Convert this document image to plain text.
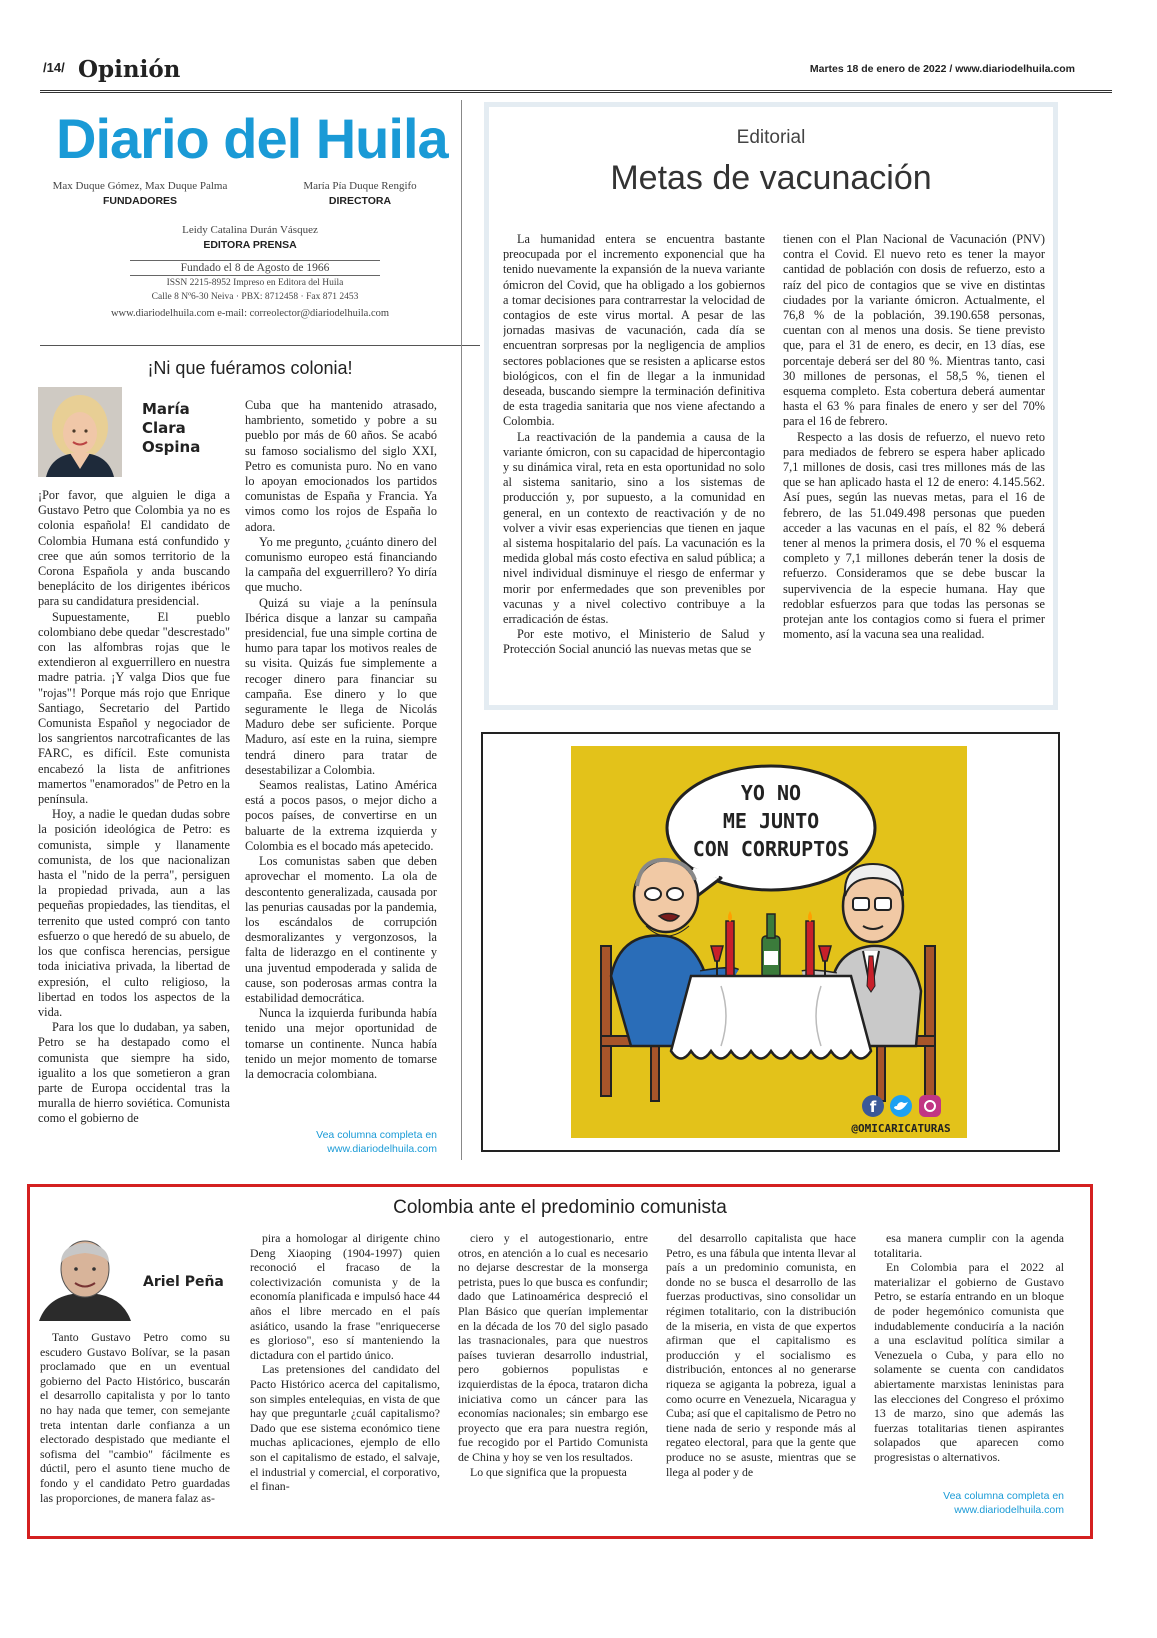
/14/ Opinión	Martes 18 de enero de 2022 / www.diariodelhuila.com
Diario del Huila
Max Duque Gómez, Max Duque Palma
FUNDADORES
María Pía Duque Rengifo
DIRECTORA
Leidy Catalina Durán Vásquez
EDITORA PRENSA
Fundado el 8 de Agosto de 1966
ISSN 2215-8952 Impreso en Editora del Huila
Calle 8 Nº6-30 Neiva · PBX: 8712458 · Fax 871 2453
www.diariodelhuila.com e-mail: correolector@diariodelhuila.com
¡Ni que fuéramos colonia!
María
Clara
Ospina

¡Por favor, que alguien le diga a Gustavo Petro que Colombia ya no es colonia española! El candidato de Colombia Humana está confundido y cree que aún somos territorio de la Corona Española y anda buscando beneplácito de los dirigentes ibéricos para su candidatura presidencial.

Supuestamente, El pueblo colombiano debe quedar "descrestado" con las alfombras rojas que le extendieron al exguerrillero en nuestra madre patria. ¡Y valga Dios que fue "rojas"! Porque más rojo que Enrique Santiago, Secretario del Partido Comunista Español y negociador de los sangrientos narcotraficantes de las FARC, es difícil. Este comunista encabezó la lista de anfitriones mamertos "enamorados" de Petro en la península.

Hoy, a nadie le quedan dudas sobre la posición ideológica de Petro: es comunista, simple y llanamente comunista, de los que nacionalizan hasta el "nido de la perra", persiguen la propiedad privada, aun a las pequeñas propiedades, las tienditas, el terrenito que usted compró con tanto esfuerzo o que heredó de su abuelo, de los que confisca herencias, persigue toda iniciativa privada, la libertad de expresión, el culto religioso, la libertad en todos los aspectos de la vida.

Para los que lo dudaban, ya saben, Petro se ha destapado como el comunista que siempre ha sido, igualito a los que sometieron a gran parte de Europa occidental tras la muralla de hierro soviética. Comunista como el gobierno de

Cuba que ha mantenido atrasado, hambriento, sometido y pobre a su pueblo por más de 60 años. Se acabó su famoso socialismo del siglo XXI, Petro es comunista puro. No en vano lo apoyan emocionados los partidos comunistas de España y Francia. Ya vimos como los rojos de España lo adora.

Yo me pregunto, ¿cuánto dinero del comunismo europeo está financiando la campaña del exguerrillero? Yo diría que mucho.

Quizá su viaje a la península Ibérica disque a lanzar su campaña presidencial, fue una simple cortina de humo para tapar los motivos reales de su visita. Quizás fue simplemente a recoger dinero para financiar su campaña. Ese dinero y lo que seguramente le llega de Nicolás Maduro debe ser suficiente. Porque Maduro, así este en la ruina, siempre tendrá dinero para tratar de desestabilizar a Colombia.

Seamos realistas, Latino América está a pocos pasos, o mejor dicho a pocos países, de convertirse en un baluarte de la extrema izquierda y Colombia es el bocado más apetecido.

Los comunistas saben que deben aprovechar el momento. La ola de descontento generalizada, causada por las penurias causadas por la pandemia, los escándalos de corrupción desmoralizantes y vergonzosos, la falta de liderazgo en el continente y una juventud empoderada y salida de cause, son poderosas armas contra la estabilidad democrática.

Nunca la izquierda furibunda había tenido una mejor oportunidad de tomarse un continente. Nunca había tenido un mejor momento de tomarse la democracia colombiana.

Vea columna completa en
www.diariodelhuila.com
Editorial
Metas de vacunación

La humanidad entera se encuentra bastante preocupada por el incremento exponencial que ha tenido nuevamente la expansión de la nueva variante ómicron del Covid, que ha obligado a los gobiernos a tomar decisiones para contrarrestar la velocidad de contagios de este virus mortal. A pesar de las jornadas masivas de vacunación, cada día se encuentran sorpresas por la negligencia de amplios sectores poblaciones que se resisten a aplicarse estos biológicos, con el fin de llegar a la inmunidad deseada, buscando siempre la terminación definitiva de esta tragedia sanitaria que nos viene afectando a Colombia.

La reactivación de la pandemia a causa de la variante ómicron, con su capacidad de hipercontagio y su dinámica viral, reta en esta oportunidad no solo al sistema sanitario, sino a los sistemas de producción y, por supuesto, a la comunidad en general, en un contexto de reactivación y de no volver a vivir esas experiencias que tienen en jaque al sistema hospitalario del país. La vacunación es la medida global más costo efectiva en salud pública; a nivel individual disminuye el riesgo de enfermar y morir por enfermedades que son prevenibles por vacunas y a nivel colectivo contribuye a la erradicación de éstas.

Por este motivo, el Ministerio de Salud y Protección Social anunció las nuevas metas que se

tienen con el Plan Nacional de Vacunación (PNV) contra el Covid. El nuevo reto es tener la mayor cantidad de población con dosis de refuerzo, esto a raíz del pico de contagios que se vive en distintas ciudades por la variante ómicron. Actualmente, el 76,8 % de la población, 39.190.658 personas, cuentan con al menos una dosis. Se tiene previsto que, para el 31 de enero, es decir, en 13 días, ese porcentaje deberá ser del 80 %. Mientras tanto, casi 30 millones de personas, el 58,5 %, tienen el esquema completo. Esta cobertura deberá aumentar hasta el 63 % para finales de enero y ser del 70% para el 16 de febrero.

Respecto a las dosis de refuerzo, el nuevo reto para mediados de febrero se espera haber aplicado 7,1 millones de dosis, casi tres millones más de las que se han aplicado hasta el 12 de enero: 4.145.562. Así pues, según las nuevas metas, para el 16 de febrero, de las 51.049.498 personas que pueden acceder a las vacunas en el país, el 82 % deberá tener al menos la primera dosis, el 70 % el esquema completo y 7,1 millones deberán tener la dosis de refuerzo. Consideramos que se debe buscar la supervivencia de la especie humana. Hay que redoblar esfuerzos para que todas las personas se protejan ante los contagios como si fuera el primer momento, así la vacuna sea una realidad.

YO NO
ME JUNTO
CON CORRUPTOS
f
@OMICARICATURAS
Colombia ante el predominio comunista
Ariel Peña

Tanto Gustavo Petro como su escudero Gustavo Bolívar, se la pasan proclamado que en un eventual gobierno del Pacto Histórico, buscarán el desarrollo capitalista y por lo tanto no hay nada que temer, con semejante treta intentan darle confianza a un electorado despistado que mediante el sofisma del "cambio" fácilmente es dúctil, pero el asunto tiene mucho de fondo y el candidato Petro guardadas las proporciones, de manera falaz as-

pira a homologar al dirigente chino Deng Xiaoping (1904-1997) quien reconoció el fracaso de la colectivización comunista y de la economía planificada e impulsó hace 44 años el libre mercado en el país asiático, usando la frase "enriquecerse es glorioso", eso sí manteniendo la dictadura con el partido único.

Las pretensiones del candidato del Pacto Histórico acerca del capitalismo, son simples entelequias, en vista de que hay que preguntarle ¿cuál capitalismo? Dado que ese sistema económico tiene muchas aplicaciones, ejemplo de ello son el capitalismo de estado, el salvaje, el industrial y comercial, el corporativo, el finan-

ciero y el autogestionario, entre otros, en atención a lo cual es necesario no dejarse descrestar de la monserga petrista, pues lo que busca es confundir; dado que Latinoamérica despreció el Plan Básico que querían implementar en la década de los 70 del siglo pasado las trasnacionales, para que nuestros países tuvieran desarrollo industrial, pero gobiernos populistas e izquierdistas de la época, trataron dicha iniciativa como un cáncer para las economías nacionales; sin embargo ese proyecto que era para nuestra región, fue recogido por el Partido Comunista de China y hoy se ven los resultados.

Lo que significa que la propuesta

del desarrollo capitalista que hace Petro, es una fábula que intenta llevar al país a un predominio comunista, en donde no se busca el desarrollo de las fuerzas productivas, sino consolidar un régimen totalitario, con la distribución de la miseria, en vista de que expertos afirman que el capitalismo es producción y el socialismo es distribución, entonces al no generarse riqueza se agiganta la pobreza, igual a como ocurre en Venezuela, Nicaragua y Cuba; así que el capitalismo de Petro no tiene nada de serio y responde más al regateo electoral, para que la gente que produce no se asuste, mientras que se llega al poder y de

esa manera cumplir con la agenda totalitaria.

En Colombia para el 2022 al materializar el gobierno de Gustavo Petro, se estaría entrando en un bloque de poder hegemónico comunista que indudablemente conduciría a la nación a una esclavitud política similar a Venezuela o Cuba, y para ello no solamente se cuenta con candidatos abiertamente marxistas leninistas para las elecciones del Congreso el próximo 13 de marzo, sino que además las fuerzas totalitarias tienen aspirantes solapados que aparecen como progresistas o alternativos.

Vea columna completa en
www.diariodelhuila.com
